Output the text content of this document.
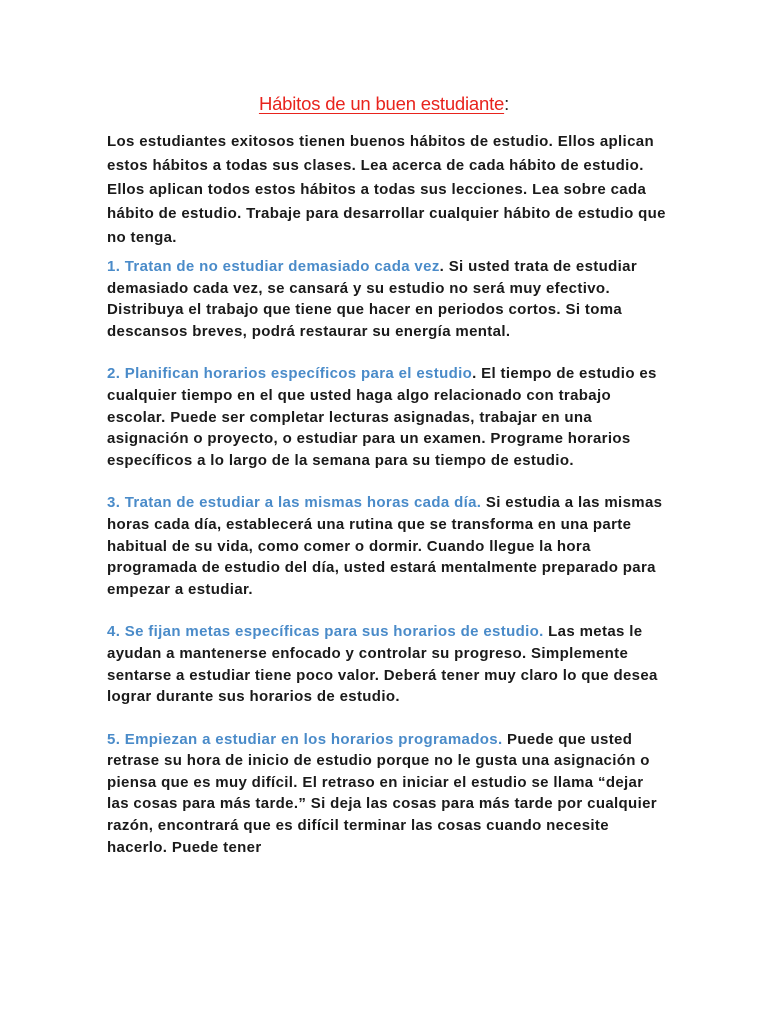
Hábitos de un buen estudiante:

Los estudiantes exitosos tienen buenos hábitos de estudio. Ellos aplican estos hábitos a todas sus clases. Lea acerca de cada hábito de estudio. Ellos aplican todos estos hábitos a todas sus lecciones. Lea sobre cada hábito de estudio. Trabaje para desarrollar cualquier hábito de estudio que no tenga.

1. Tratan de no estudiar demasiado cada vez. Si usted trata de estudiar demasiado cada vez, se cansará y su estudio no será muy efectivo. Distribuya el trabajo que tiene que hacer en periodos cortos. Si toma descansos breves, podrá restaurar su energía mental.

2. Planifican horarios específicos para el estudio. El tiempo de estudio es cualquier tiempo en el que usted haga algo relacionado con trabajo escolar. Puede ser completar lecturas asignadas, trabajar en una asignación o proyecto, o estudiar para un examen. Programe horarios específicos a lo largo de la semana para su tiempo de estudio.

3. Tratan de estudiar a las mismas horas cada día. Si estudia a las mismas horas cada día, establecerá una rutina que se transforma en una parte habitual de su vida, como comer o dormir. Cuando llegue la hora programada de estudio del día, usted estará mentalmente preparado para empezar a estudiar.

4. Se fijan metas específicas para sus horarios de estudio. Las metas le ayudan a mantenerse enfocado y controlar su progreso. Simplemente sentarse a estudiar tiene poco valor. Deberá tener muy claro lo que desea lograr durante sus horarios de estudio.

5. Empiezan a estudiar en los horarios programados. Puede que usted retrase su hora de inicio de estudio porque no le gusta una asignación o piensa que es muy difícil. El retraso en iniciar el estudio se llama “dejar las cosas para más tarde.” Si deja las cosas para más tarde por cualquier razón, encontrará que es difícil terminar las cosas cuando necesite hacerlo. Puede tener
